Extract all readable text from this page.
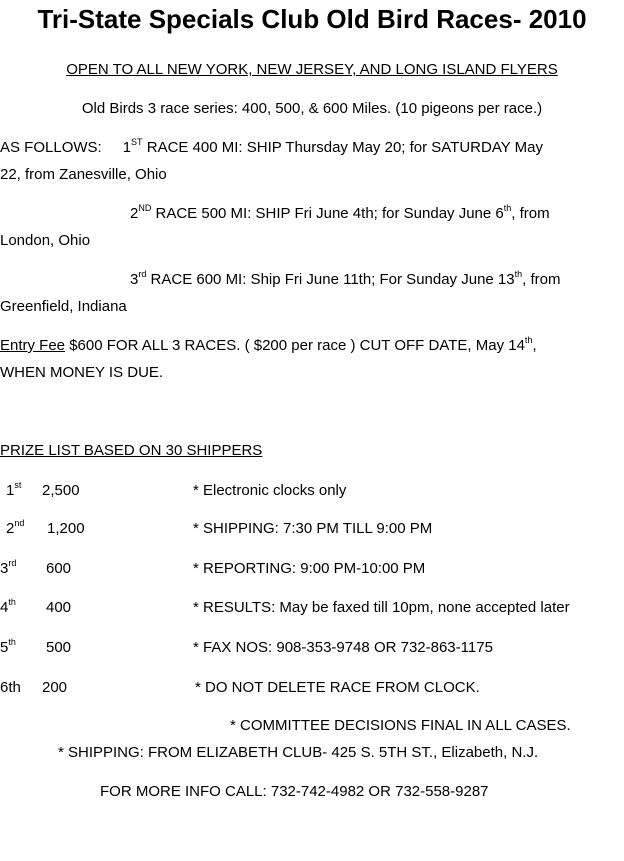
Tri-State Specials Club Old Bird Races- 2010
OPEN TO ALL NEW YORK, NEW JERSEY, AND LONG ISLAND FLYERS
Old Birds 3 race series: 400, 500, & 600 Miles. (10 pigeons per race.)
AS FOLLOWS: 1ST RACE 400 MI: SHIP Thursday May 20; for SATURDAY May
22, from Zanesville, Ohio
2ND RACE 500 MI: SHIP Fri June 4th; for Sunday June 6th, from
London, Ohio
3rd RACE 600 MI: Ship Fri June 11th; For Sunday June 13th, from
Greenfield, Indiana
Entry Fee $600 FOR ALL 3 RACES. ( $200 per race ) CUT OFF DATE, May 14th,
WHEN MONEY IS DUE.
PRIZE LIST BASED ON 30 SHIPPERS
1st 2,500	* Electronic clocks only
2nd 1,200	* SHIPPING: 7:30 PM TILL 9:00 PM
3rd 600	* REPORTING: 9:00 PM-10:00 PM
4th 400	* RESULTS: May be faxed till 10pm, none accepted later
5th 500	* FAX NOS: 908-353-9748 OR 732-863-1175
6th 200	* DO NOT DELETE RACE FROM CLOCK.
* COMMITTEE DECISIONS FINAL IN ALL CASES.
* SHIPPING: FROM ELIZABETH CLUB- 425 S. 5TH ST., Elizabeth, N.J.
FOR MORE INFO CALL: 732-742-4982 OR 732-558-9287
